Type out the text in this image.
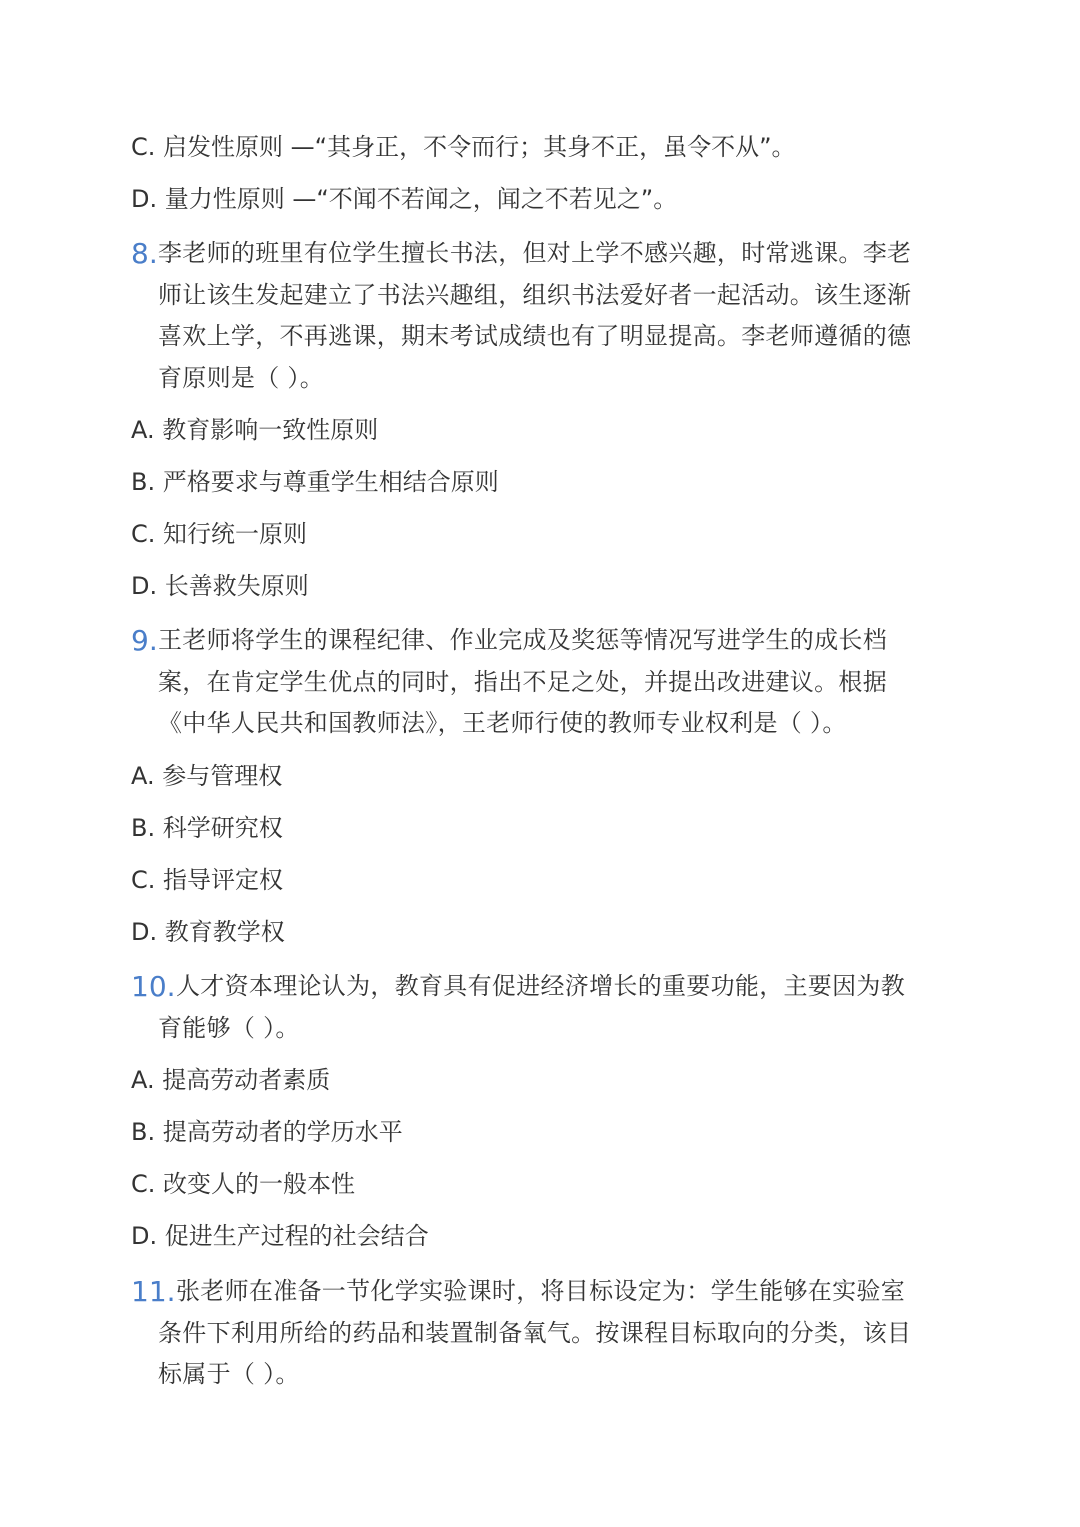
C. 启发性原则 —“其身正，不令而行；其身不正，虽令不从”。
D. 量力性原则 —“不闻不若闻之，闻之不若见之”。
8. 李老师的班里有位学生擅长书法，但对上学不感兴趣，时常逃课。李老
师让该生发起建立了书法兴趣组，组织书法爱好者一起活动。该生逐渐
喜欢上学，不再逃课，期末考试成绩也有了明显提高。李老师遵循的德
育原则是（ ）。
A. 教育影响一致性原则
B. 严格要求与尊重学生相结合原则
C. 知行统一原则
D. 长善救失原则
9. 王老师将学生的课程纪律、作业完成及奖惩等情况写进学生的成长档
案，在肯定学生优点的同时，指出不足之处，并提出改进建议。根据
《中华人民共和国教师法》，王老师行使的教师专业权利是（ ）。
A. 参与管理权
B. 科学研究权
C. 指导评定权
D. 教育教学权
10. 人才资本理论认为，教育具有促进经济增长的重要功能，主要因为教
育能够（ ）。
A. 提高劳动者素质
B. 提高劳动者的学历水平
C. 改变人的一般本性
D. 促进生产过程的社会结合
11. 张老师在准备一节化学实验课时，将目标设定为：学生能够在实验室
条件下利用所给的药品和装置制备氧气。按课程目标取向的分类，该目
标属于（ ）。
